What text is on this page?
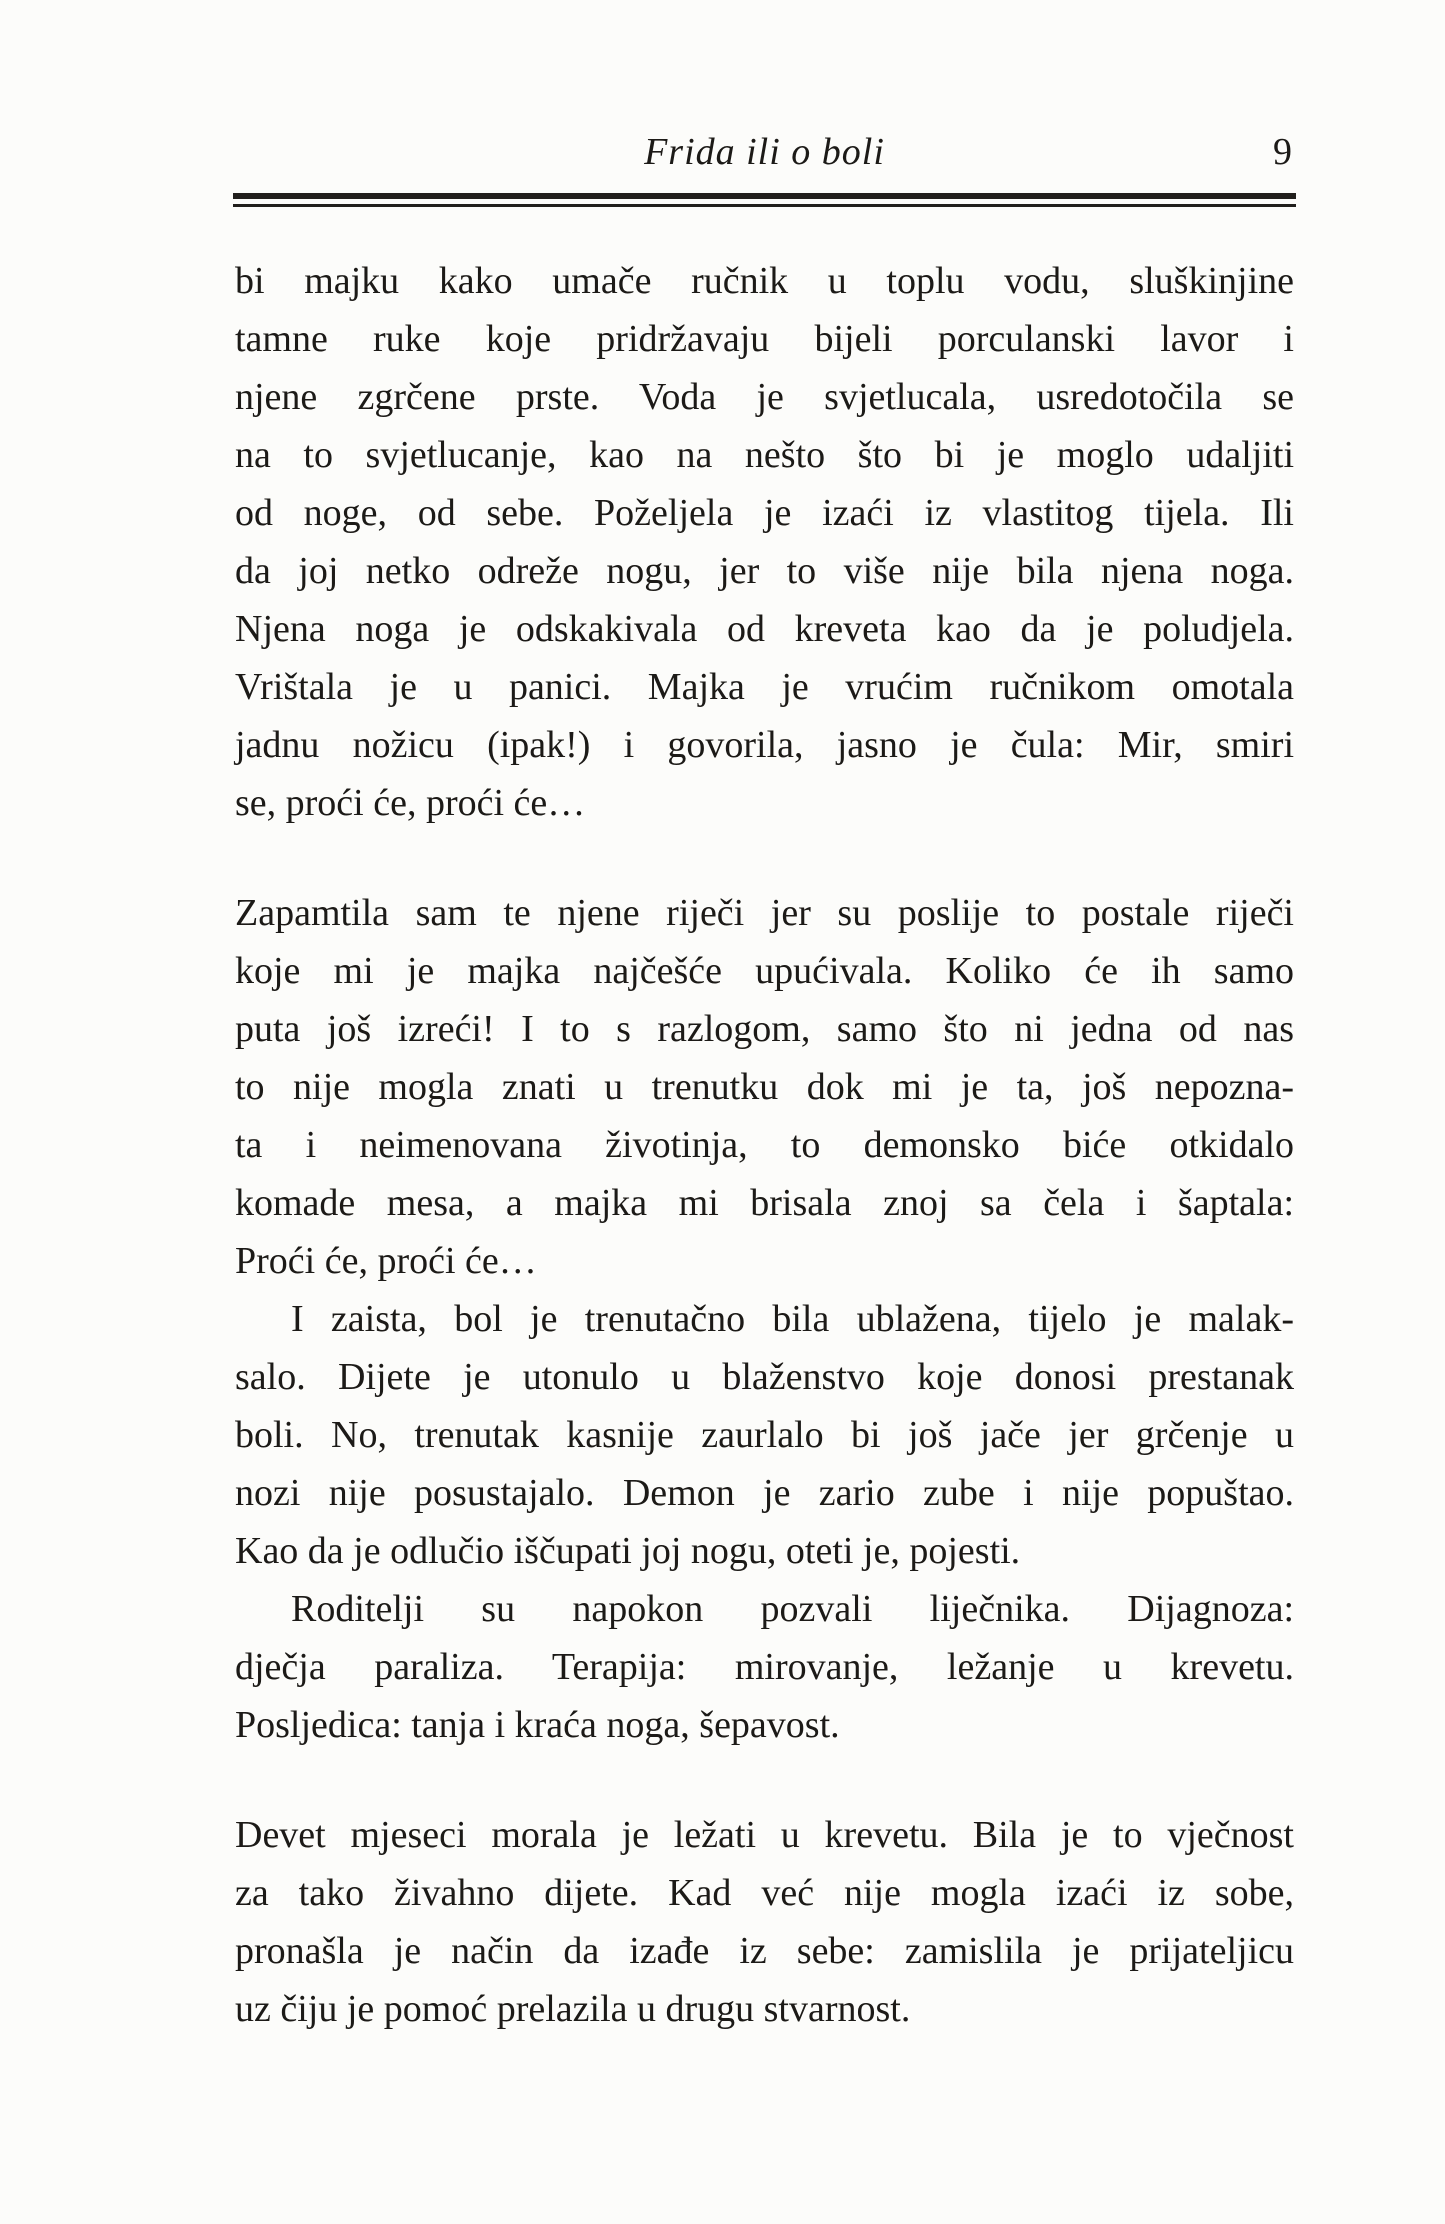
Frida ili o boli	9
bi majku kako umače ručnik u toplu vodu, sluškinjine
tamne ruke koje pridržavaju bijeli porculanski lavor i
njene zgrčene prste. Voda je svjetlucala, usredotočila se
na to svjetlucanje, kao na nešto što bi je moglo udaljiti
od noge, od sebe. Poželjela je izaći iz vlastitog tijela. Ili
da joj netko odreže nogu, jer to više nije bila njena noga.
Njena noga je odskakivala od kreveta kao da je poludjela.
Vrištala je u panici. Majka je vrućim ručnikom omotala
jadnu nožicu (ipak!) i govorila, jasno je čula: Mir, smiri
se, proći će, proći će…
Zapamtila sam te njene riječi jer su poslije to postale riječi
koje mi je majka najčešće upućivala. Koliko će ih samo
puta još izreći! I to s razlogom, samo što ni jedna od nas
to nije mogla znati u trenutku dok mi je ta, još nepozna-
ta i neimenovana životinja, to demonsko biće otkidalo
komade mesa, a majka mi brisala znoj sa čela i šaptala:
Proći će, proći će…
I zaista, bol je trenutačno bila ublažena, tijelo je malak-
salo. Dijete je utonulo u blaženstvo koje donosi prestanak
boli. No, trenutak kasnije zaurlalo bi još jače jer grčenje u
nozi nije posustajalo. Demon je zario zube i nije popuštao.
Kao da je odlučio iščupati joj nogu, oteti je, pojesti.
Roditelji su napokon pozvali liječnika. Dijagnoza:
dječja paraliza. Terapija: mirovanje, ležanje u krevetu.
Posljedica: tanja i kraća noga, šepavost.
Devet mjeseci morala je ležati u krevetu. Bila je to vječnost
za tako živahno dijete. Kad već nije mogla izaći iz sobe,
pronašla je način da izađe iz sebe: zamislila je prijateljicu
uz čiju je pomoć prelazila u drugu stvarnost.
